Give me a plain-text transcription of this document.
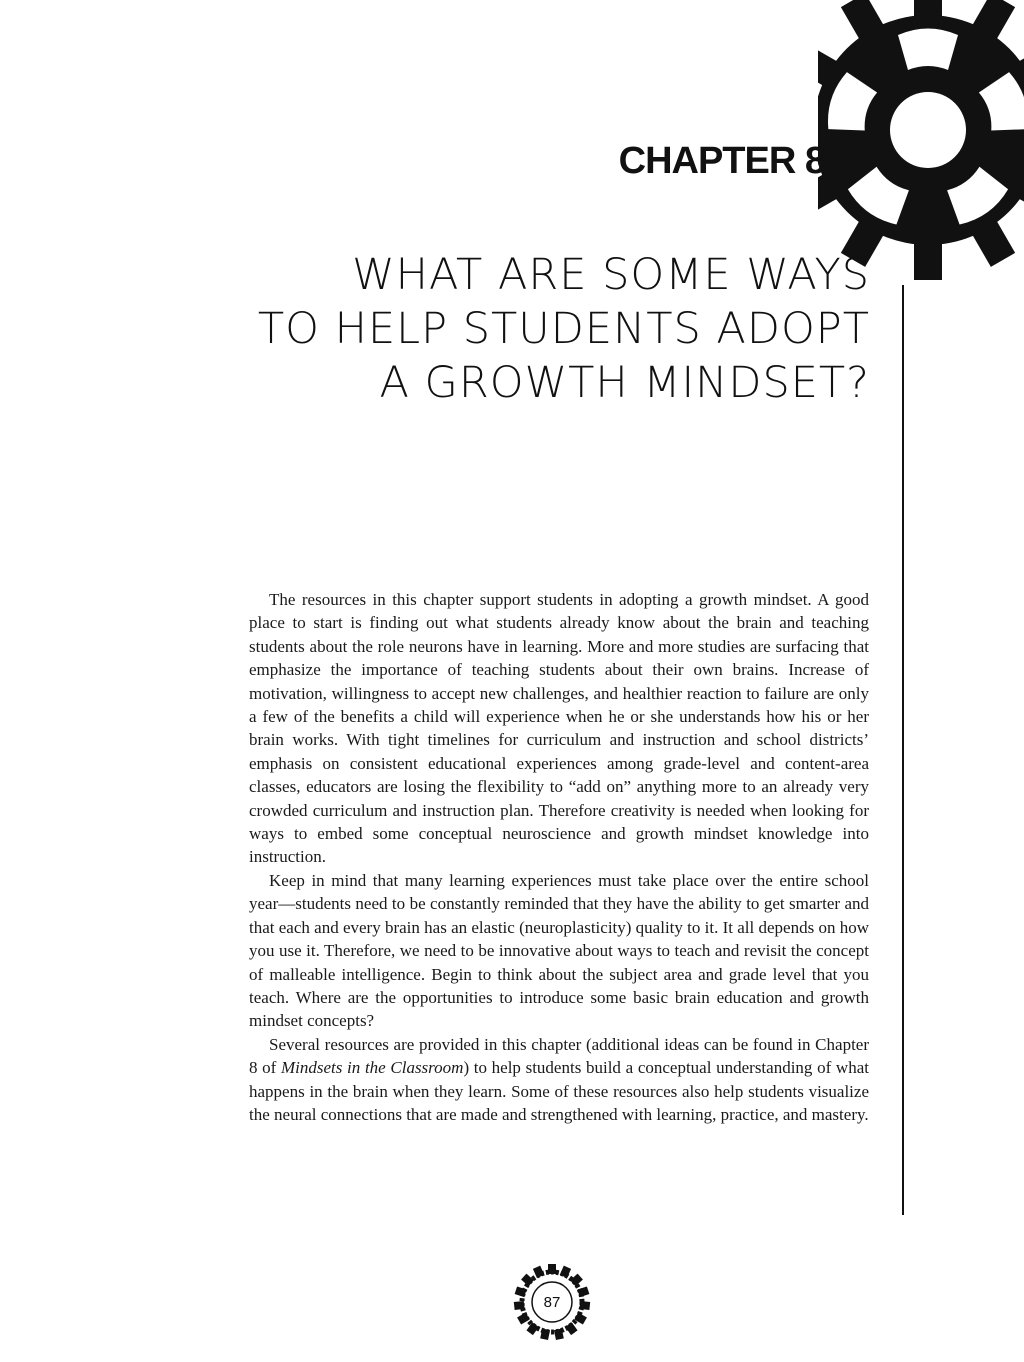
CHAPTER 8
WHAT ARE SOME WAYS
TO HELP STUDENTS ADOPT
A GROWTH MINDSET?

The resources in this chapter support students in adopting a growth mindset. A good place to start is finding out what students already know about the brain and teaching students about the role neurons have in learning. More and more studies are surfacing that emphasize the importance of teaching students about their own brains. Increase of motivation, willingness to accept new challenges, and healthier reaction to failure are only a few of the benefits a child will experience when he or she understands how his or her brain works. With tight timelines for curriculum and instruction and school districts’ emphasis on consistent educational experiences among grade-level and content-area classes, educators are losing the flexibility to “add on” anything more to an already very crowded curriculum and instruction plan. Therefore creativity is needed when looking for ways to embed some conceptual neuroscience and growth mindset knowledge into instruction.

Keep in mind that many learning experiences must take place over the entire school year—students need to be constantly reminded that they have the ability to get smarter and that each and every brain has an elastic (neuroplasticity) quality to it. It all depends on how you use it. Therefore, we need to be innovative about ways to teach and revisit the concept of malleable intelligence. Begin to think about the subject area and grade level that you teach. Where are the opportunities to introduce some basic brain education and growth mindset concepts?

Several resources are provided in this chapter (additional ideas can be found in Chapter 8 of Mindsets in the Classroom) to help students build a conceptual understanding of what happens in the brain when they learn. Some of these resources also help students visualize the neural connections that are made and strengthened with learning, practice, and mastery.

87
